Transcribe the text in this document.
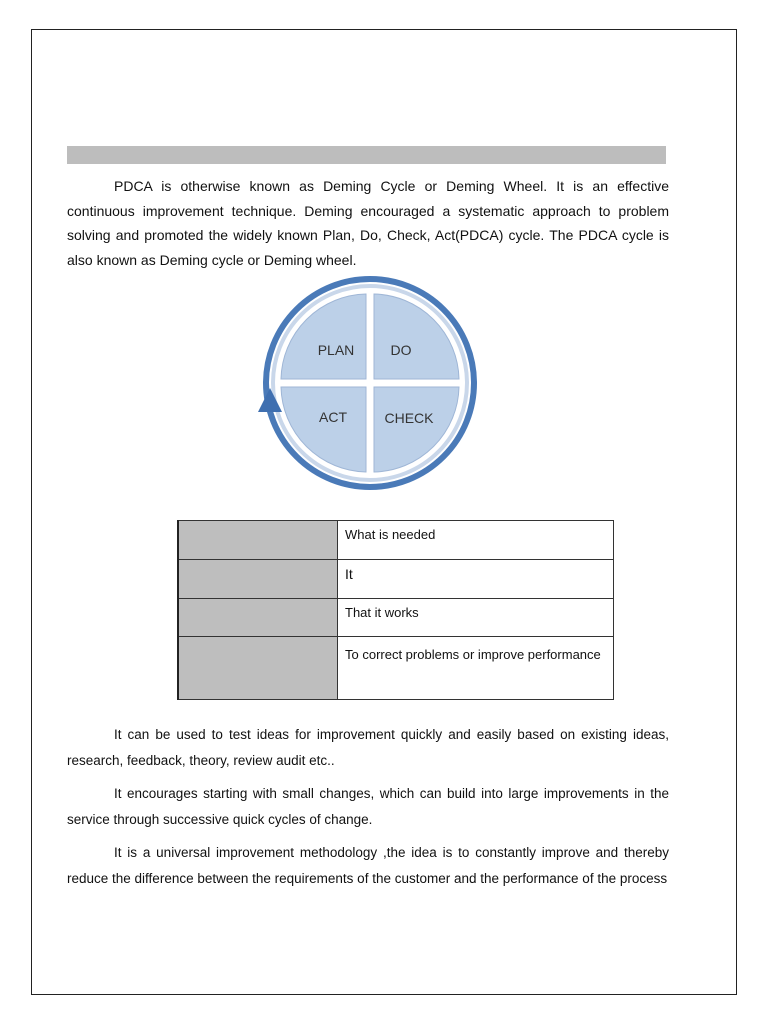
PDCA is otherwise known as Deming Cycle or Deming Wheel. It is an effective continuous improvement technique. Deming encouraged a systematic approach to problem solving and promoted the widely known Plan, Do, Check, Act(PDCA) cycle. The PDCA cycle is also known as Deming cycle or Deming wheel.

PLAN	DO
ACT	CHECK
	What is needed
	It
	That it works
	To correct problems or improve performance

It can be used to test ideas for improvement quickly and easily based on existing ideas, research, feedback, theory, review audit etc..

It encourages starting with small changes, which can build into large improvements in the service through successive quick cycles of change.

It is a universal improvement methodology ,the idea is to constantly improve and thereby reduce the difference between the requirements of the customer and the performance of the process
